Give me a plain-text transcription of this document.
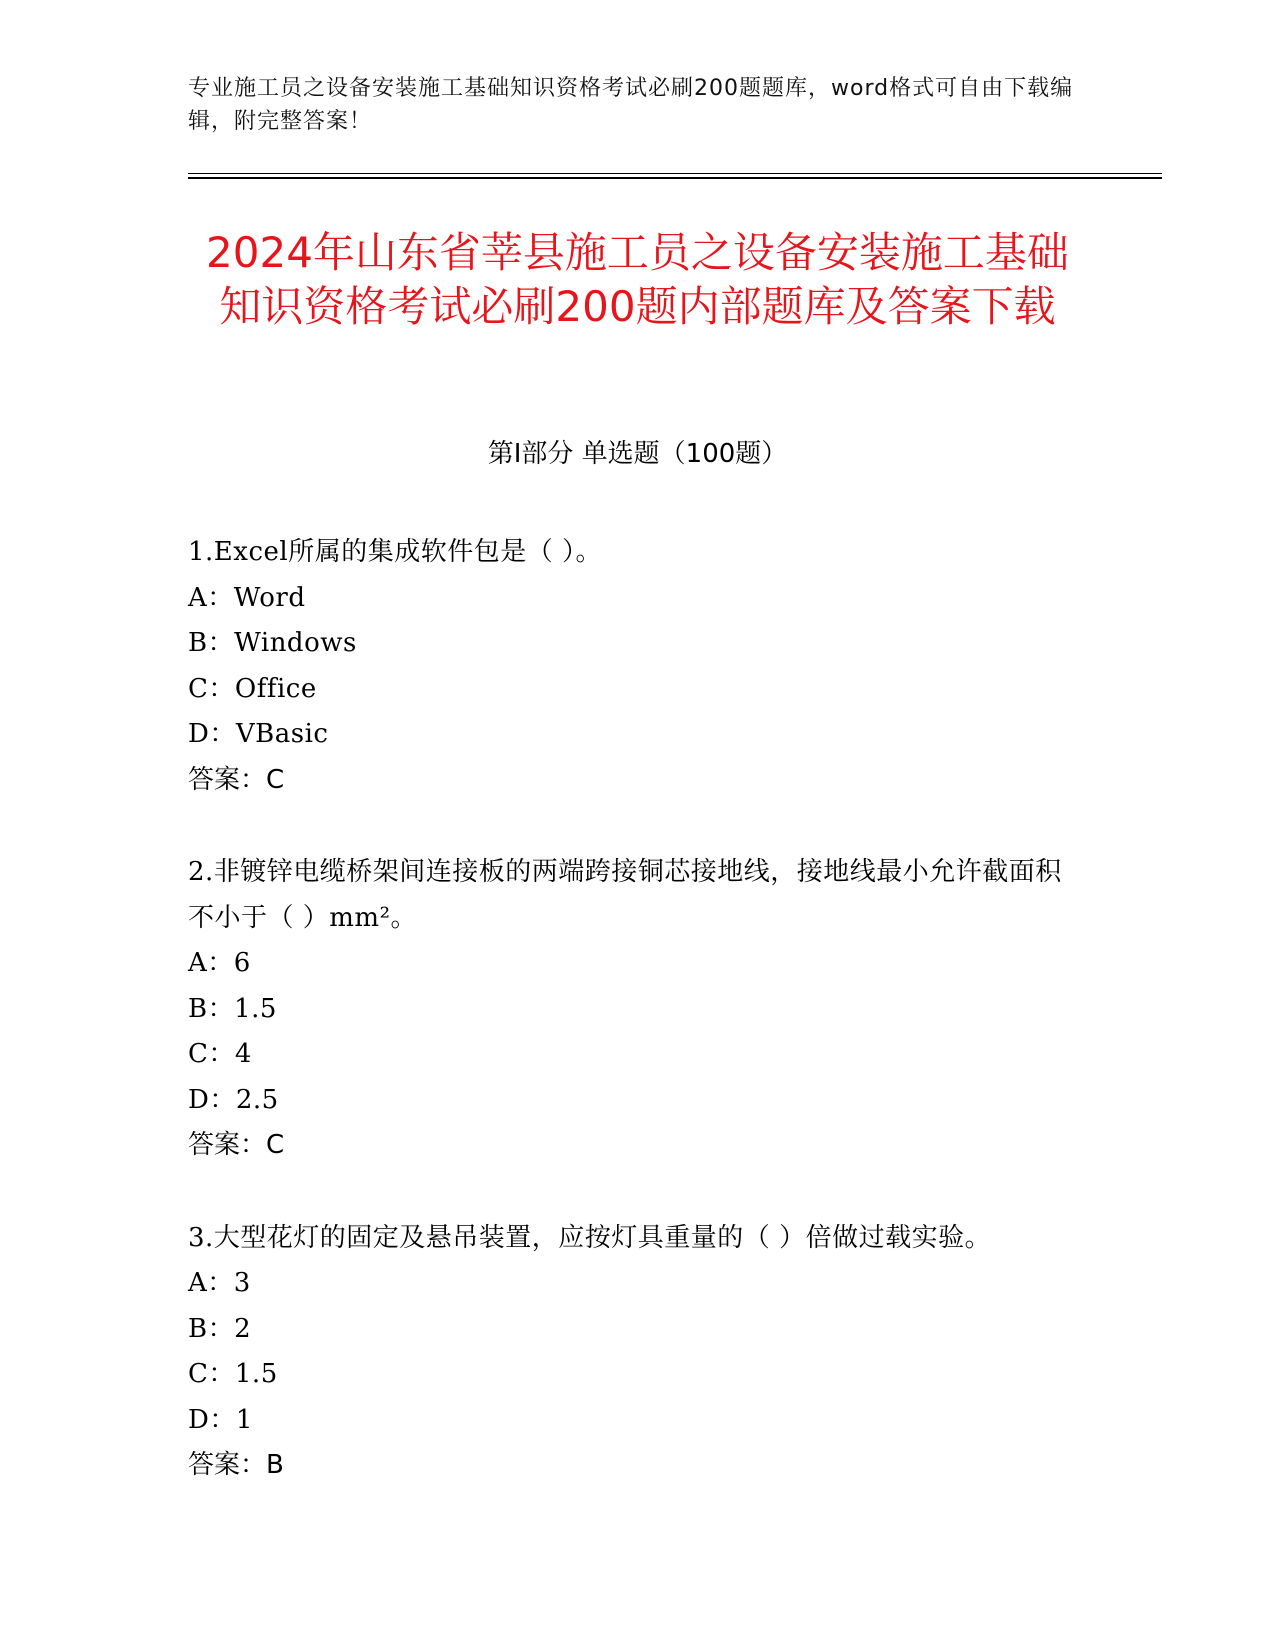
专业施工员之设备安装施工基础知识资格考试必刷200题题库，word格式可自由下载编辑，附完整答案！
2024年山东省莘县施工员之设备安装施工基础知识资格考试必刷200题内部题库及答案下载
第Ⅰ部分 单选题（100题）

1.Excel所属的集成软件包是（ ）。

A：Word

B：Windows

C：Office

D：VBasic

答案：C

2.非镀锌电缆桥架间连接板的两端跨接铜芯接地线，接地线最小允许截面积不小于（ ）mm²。

A：6

B：1.5

C：4

D：2.5

答案：C

3.大型花灯的固定及悬吊装置，应按灯具重量的（ ）倍做过载实验。

A：3

B：2

C：1.5

D：1

答案：B
